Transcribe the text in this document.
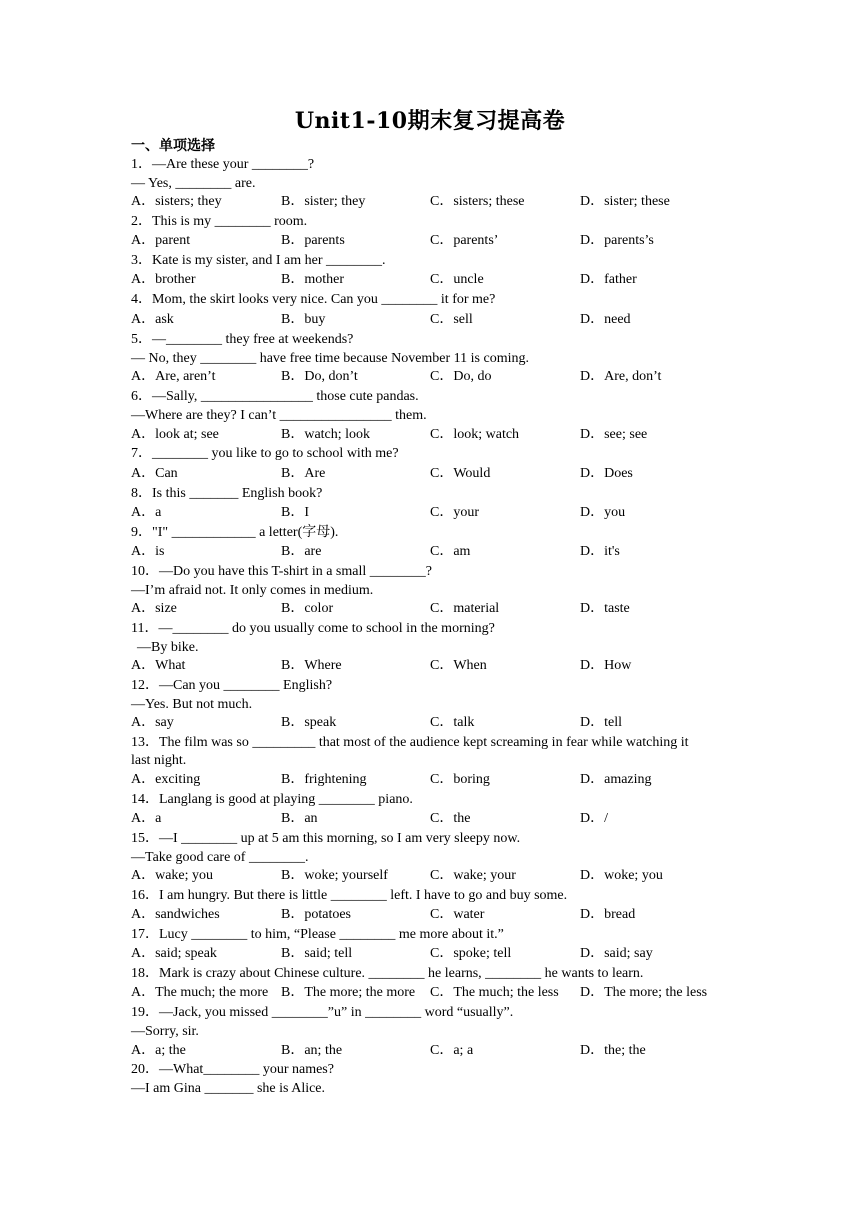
Unit1-10期末复习提高卷
一、单项选择
1．—Are these your ________?
— Yes, ________ are.
A．sisters; they	B．sister; they	C．sisters; these	D．sister; these
2．This is my ________ room.
A．parent	B．parents	C．parents’	D．parents’s
3．Kate is my sister, and I am her ________.
A．brother	B．mother	C．uncle	D．father
4．Mom, the skirt looks very nice. Can you ________ it for me?
A．ask	B．buy	C．sell	D．need
5．—________ they free at weekends?
— No, they ________ have free time because November 11 is coming.
A．Are, aren’t	B．Do, don’t	C．Do, do	D．Are, don’t
6．—Sally, ________________ those cute pandas.
—Where are they? I can’t ________________ them.
A．look at; see	B．watch; look	C．look; watch	D．see; see
7．________ you like to go to school with me?
A．Can	B．Are	C．Would	D．Does
8．Is this _______ English book?
A．a	B．I	C．your	D．you
9．"I" ____________ a letter(字母).
A．is	B．are	C．am	D．it's
10．—Do you have this T-shirt in a small ________?
—I’m afraid not. It only comes in medium.
A．size	B．color	C．material	D．taste
11．—________ do you usually come to school in the morning?
—By bike.
A．What	B．Where	C．When	D．How
12．—Can you ________ English?
—Yes. But not much.
A．say	B．speak	C．talk	D．tell
13．The film was so _________ that most of the audience kept screaming in fear while watching it
last night.
A．exciting	B．frightening	C．boring	D．amazing
14．Langlang is good at playing ________ piano.
A．a	B．an	C．the	D．/
15．—I ________ up at 5 am this morning, so I am very sleepy now.
—Take good care of ________.
A．wake; you	B．woke; yourself	C．wake; your	D．woke; you
16．I am hungry. But there is little ________ left. I have to go and buy some.
A．sandwiches	B．potatoes	C．water	D．bread
17．Lucy ________ to him, “Please ________ me more about it.”
A．said; speak	B．said; tell	C．spoke; tell	D．said; say
18．Mark is crazy about Chinese culture. ________ he learns, ________ he wants to learn.
A．The much; the more B．The more; the more C．The much; the less D．The more; the less
19．—Jack, you missed ________”u” in ________ word “usually”.
—Sorry, sir.
A．a; the	B．an; the	C．a; a	D．the; the
20．—What________ your names?
—I am Gina _______ she is Alice.
